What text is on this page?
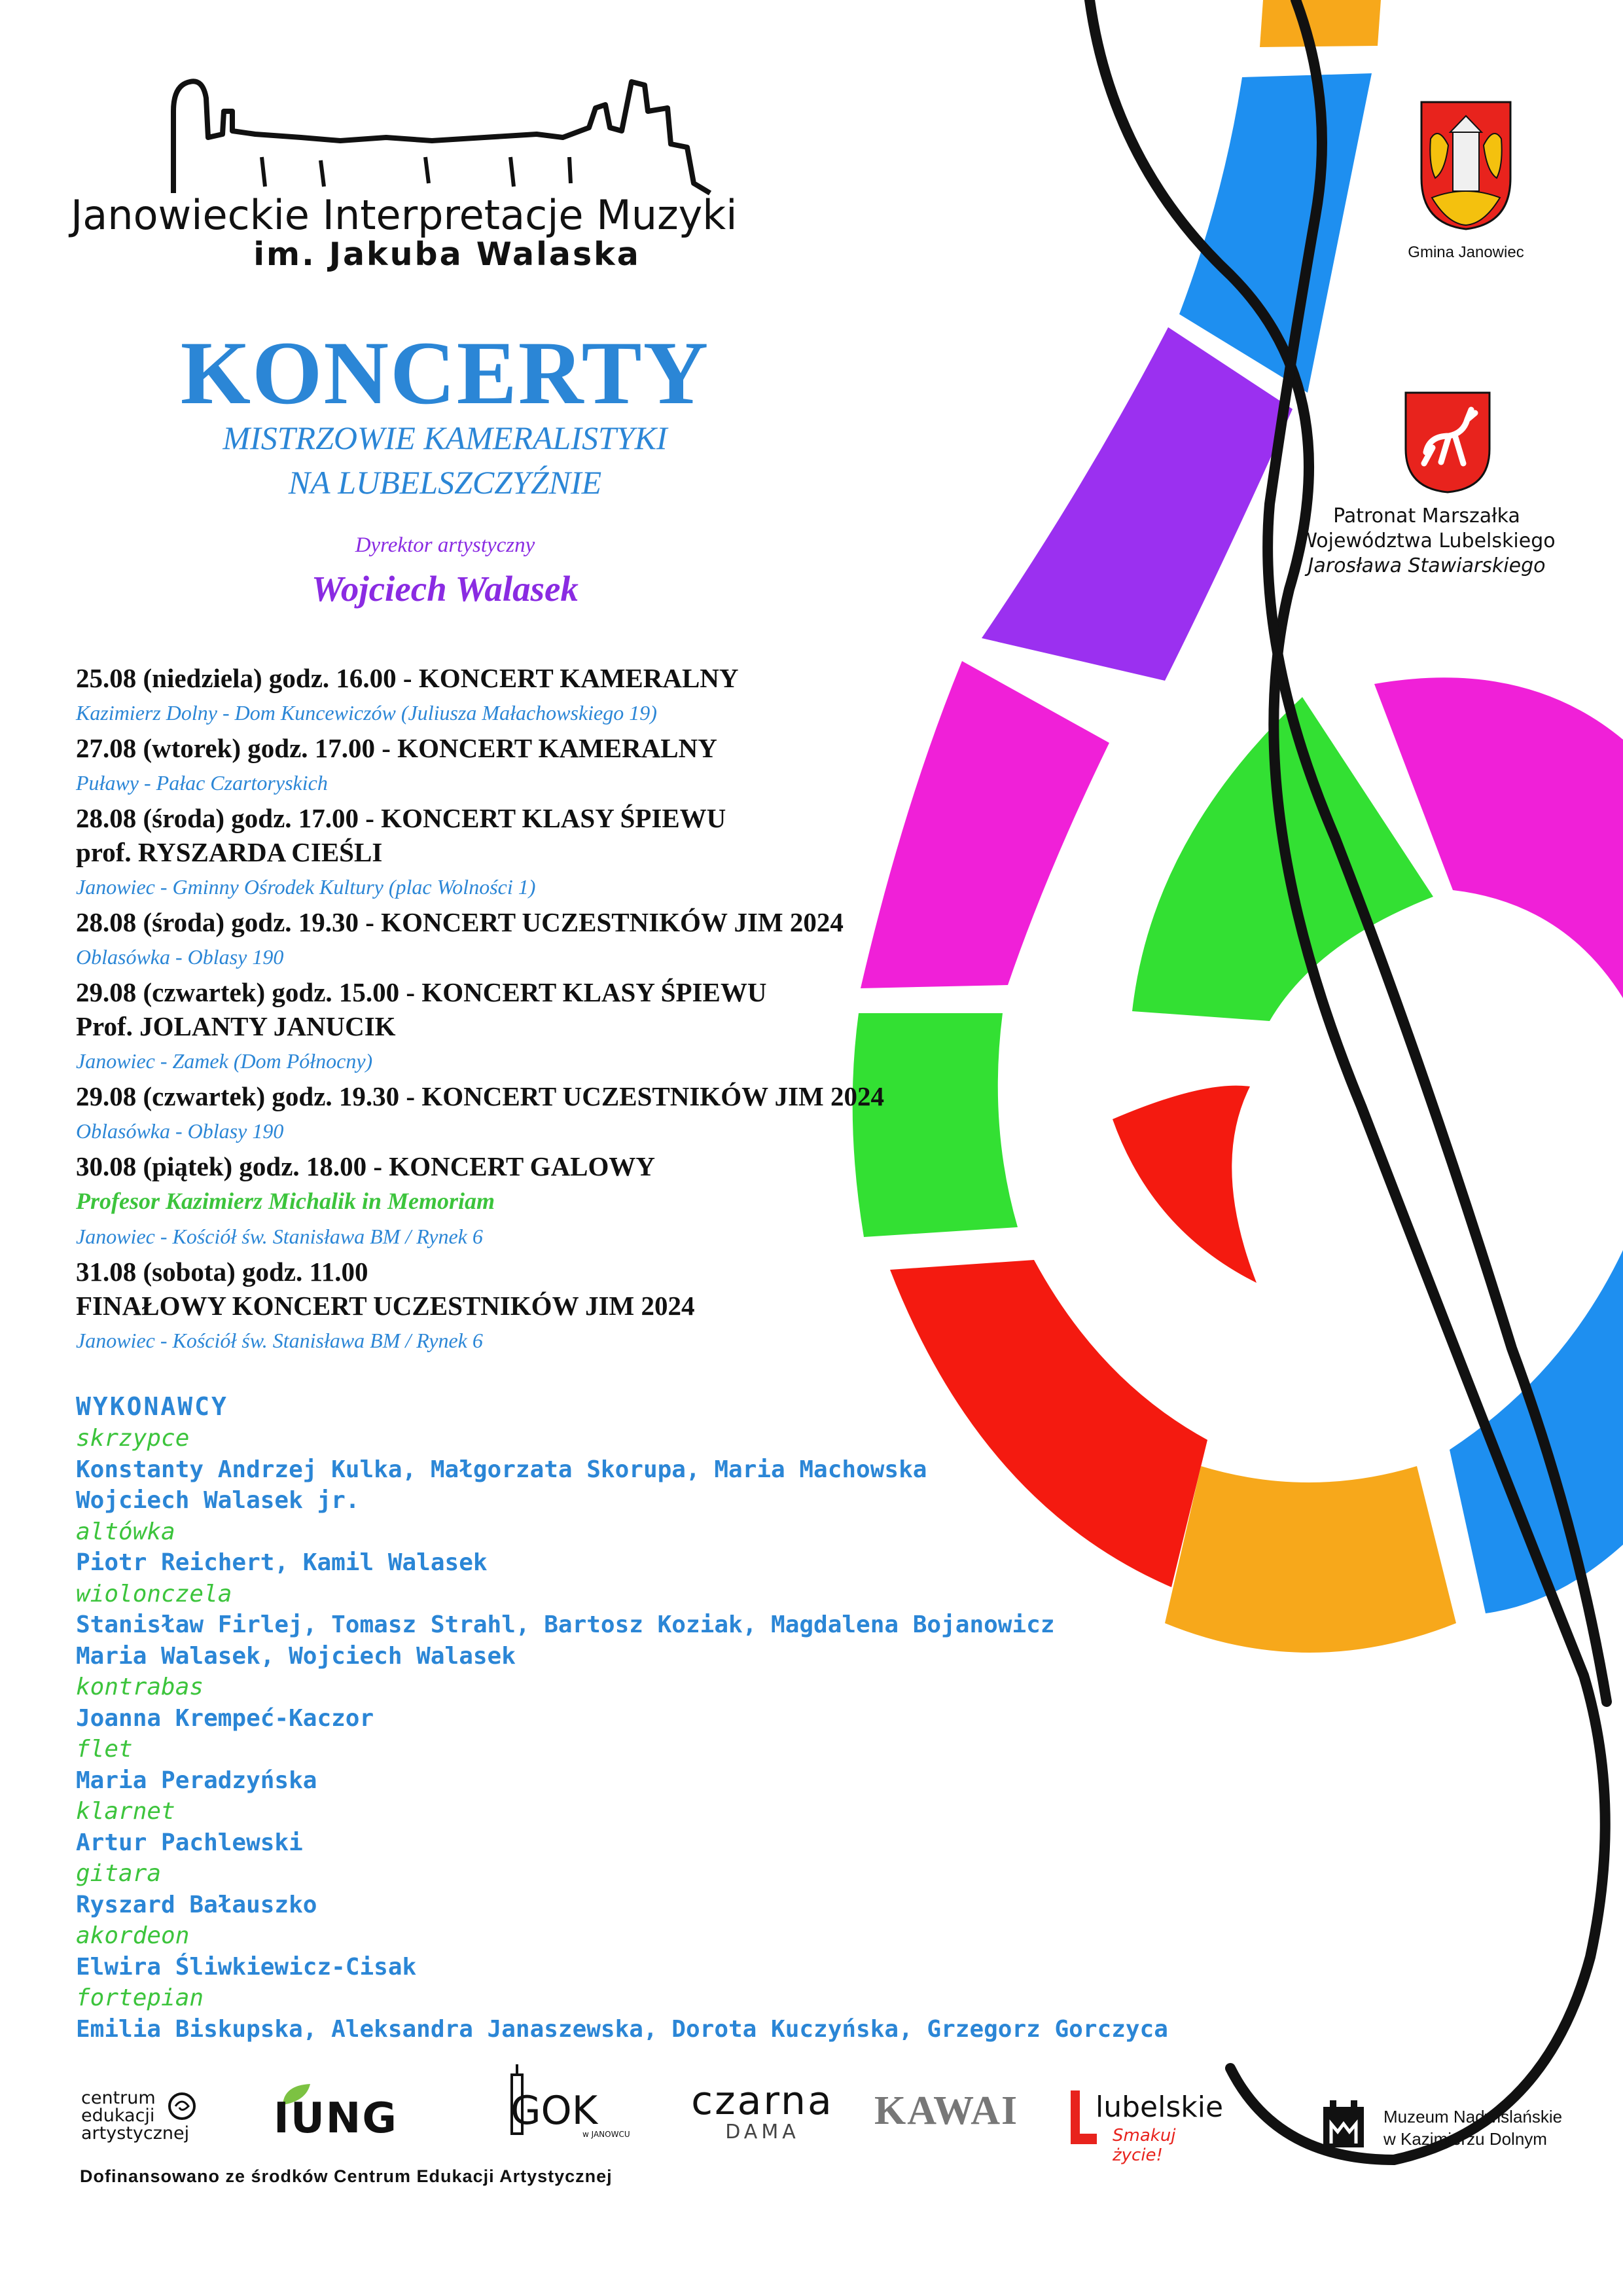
Janowieckie Interpretacje Muzyki
im. Jakuba Walaska
KONCERTY
MISTRZOWIE KAMERALISTYKI
NA LUBELSZCZYŹNIE
Dyrektor artystyczny
Wojciech Walasek
Gmina Janowiec
Patronat Marszałka
Województwa Lubelskiego
Jarosława Stawiarskiego
25.08 (niedziela) godz. 16.00 - KONCERT KAMERALNY
Kazimierz Dolny - Dom Kuncewiczów (Juliusza Małachowskiego 19)
27.08 (wtorek) godz. 17.00 - KONCERT KAMERALNY
Puławy - Pałac Czartoryskich
28.08 (środa) godz. 17.00 - KONCERT KLASY ŚPIEWU
prof. RYSZARDA CIEŚLI
Janowiec - Gminny Ośrodek Kultury (plac Wolności 1)
28.08 (środa) godz. 19.30 - KONCERT UCZESTNIKÓW JIM 2024
Oblasówka - Oblasy 190
29.08 (czwartek) godz. 15.00 - KONCERT KLASY ŚPIEWU
Prof. JOLANTY JANUCIK
Janowiec - Zamek (Dom Północny)
29.08 (czwartek) godz. 19.30 - KONCERT UCZESTNIKÓW JIM 2024
Oblasówka - Oblasy 190
30.08 (piątek) godz. 18.00 - KONCERT GALOWY
Profesor Kazimierz Michalik in Memoriam
Janowiec - Kościół św. Stanisława BM / Rynek 6
31.08 (sobota) godz. 11.00
FINAŁOWY KONCERT UCZESTNIKÓW JIM 2024
Janowiec - Kościół św. Stanisława BM / Rynek 6
WYKONAWCY
skrzypce
Konstanty Andrzej Kulka, Małgorzata Skorupa, Maria Machowska
Wojciech Walasek jr.
altówka
Piotr Reichert, Kamil Walasek
wiolonczela
Stanisław Firlej, Tomasz Strahl, Bartosz Koziak, Magdalena Bojanowicz
Maria Walasek, Wojciech Walasek
kontrabas
Joanna Krempeć-Kaczor
flet
Maria Peradzyńska
klarnet
Artur Pachlewski
gitara
Ryszard Bałauszko
akordeon
Elwira Śliwkiewicz-Cisak
fortepian
Emilia Biskupska, Aleksandra Janaszewska, Dorota Kuczyńska, Grzegorz Gorczyca
centrum
edukacji
artystycznej	IUNG	GOK
w JANOWCU
czarna
DAMA	KAWAI	lubelskie
Smakuj życie!
Muzeum Nadwiślańskie
w Kazimierzu Dolnym
Dofinansowano ze środków Centrum Edukacji Artystycznej
